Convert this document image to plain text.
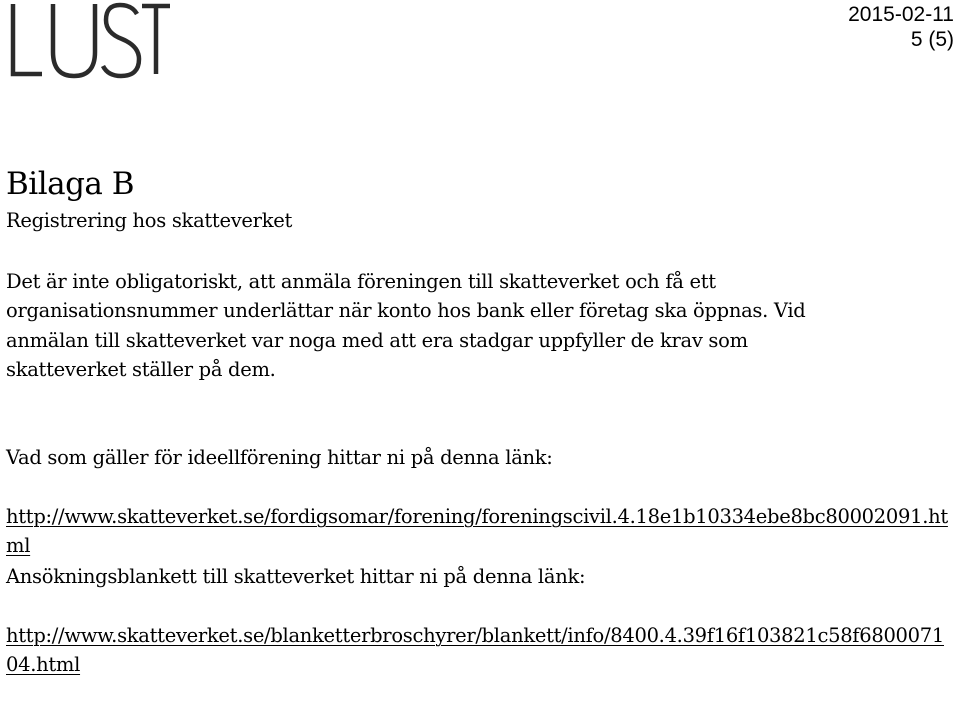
2015-02-11
5 (5)
Bilaga B
Registrering hos skatteverket
Det är inte obligatoriskt, att anmäla föreningen till skatteverket och få ett
organisationsnummer underlättar när konto hos bank eller företag ska öppnas. Vid
anmälan till skatteverket var noga med att era stadgar uppfyller de krav som
skatteverket ställer på dem.

Vad som gäller för ideellförening hittar ni på denna länk:

http://www.skatteverket.se/fordigsomar/forening/foreningscivil.4.18e1b10334ebe8bc80002091.html

Ansökningsblankett till skatteverket hittar ni på denna länk:

http://www.skatteverket.se/blanketterbroschyrer/blankett/info/8400.4.39f16f103821c58f680007104.html
